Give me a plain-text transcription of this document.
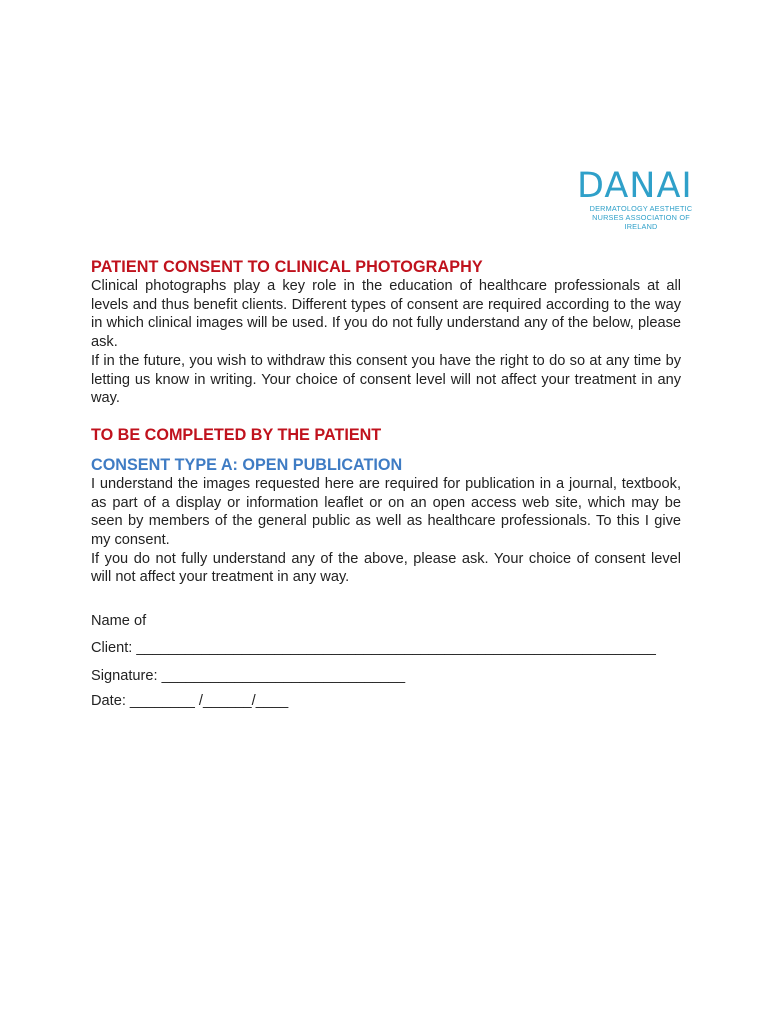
DANAI
DERMATOLOGY AESTHETIC NURSES ASSOCIATION OF IRELAND
PATIENT CONSENT TO CLINICAL PHOTOGRAPHY

Clinical photographs play a key role in the education of healthcare professionals at all levels and thus benefit clients. Different types of consent are required according to the way in which clinical images will be used. If you do not fully understand any of the below, please ask.

If in the future, you wish to withdraw this consent you have the right to do so at any time by letting us know in writing. Your choice of consent level will not affect your treatment in any way.

TO BE COMPLETED BY THE PATIENT
CONSENT TYPE A: OPEN PUBLICATION

I understand the images requested here are required for publication in a journal, textbook, as part of a display or information leaflet or on an open access web site, which may be seen by members of the general public as well as healthcare professionals. To this I give my consent.

If you do not fully understand any of the above, please ask. Your choice of consent level will not affect your treatment in any way.

Name of
Client: ________________________________________________________________
Signature: ______________________________
Date: ________ /______/____
